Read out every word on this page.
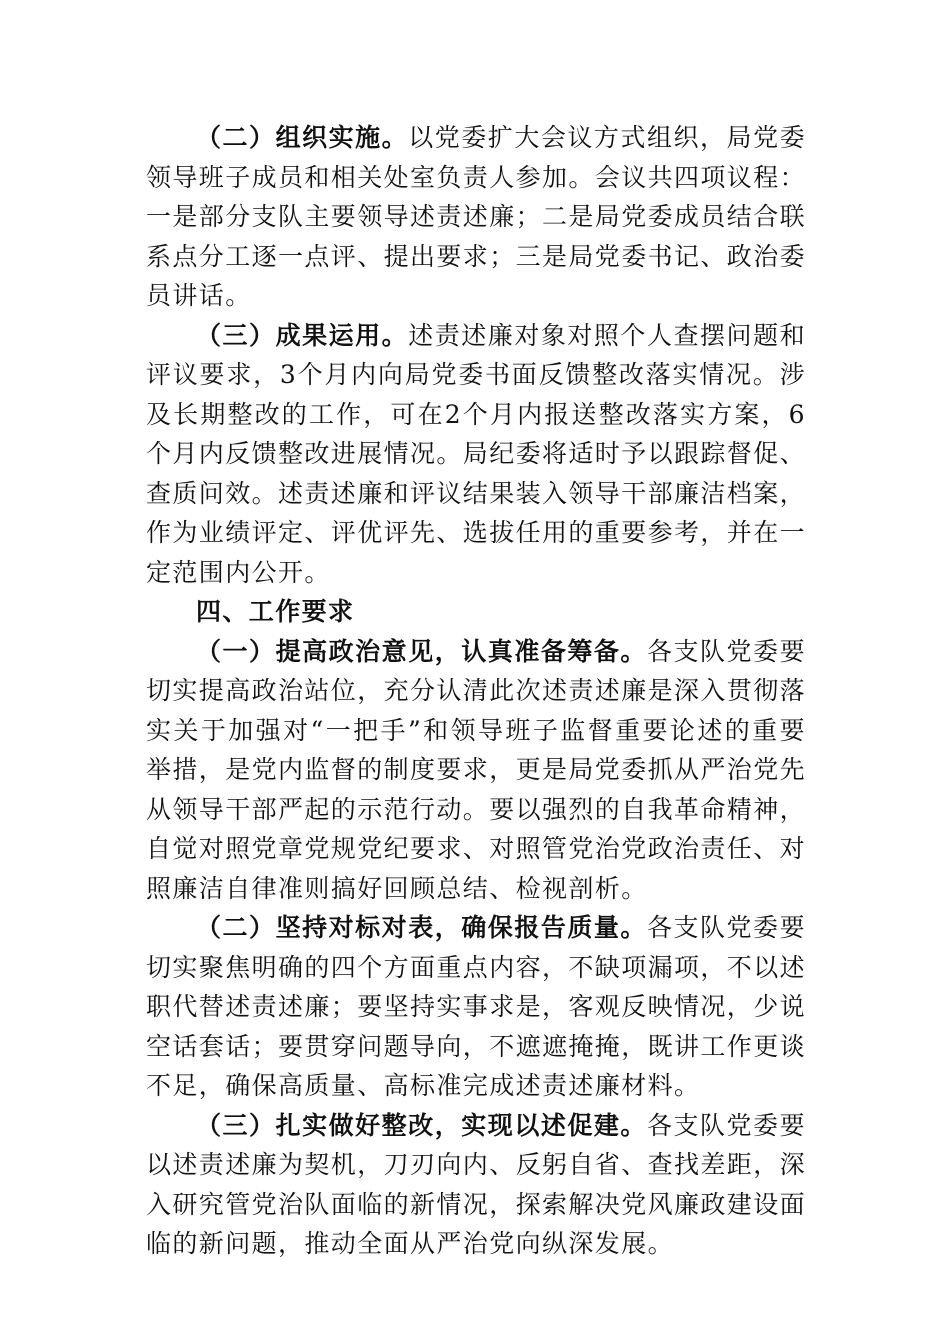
（二）组织实施。以党委扩大会议方式组织，局党委领导班子成员和相关处室负责人参加。会议共四项议程：一是部分支队主要领导述责述廉；二是局党委成员结合联系点分工逐一点评、提出要求；三是局党委书记、政治委员讲话。

（三）成果运用。述责述廉对象对照个人查摆问题和评议要求，3个月内向局党委书面反馈整改落实情况。涉及长期整改的工作，可在2个月内报送整改落实方案，6个月内反馈整改进展情况。局纪委将适时予以跟踪督促、查质问效。述责述廉和评议结果装入领导干部廉洁档案，作为业绩评定、评优评先、选拔任用的重要参考，并在一定范围内公开。

四、工作要求

（一）提高政治意见，认真准备筹备。各支队党委要切实提高政治站位，充分认清此次述责述廉是深入贯彻落实关于加强对“一把手”和领导班子监督重要论述的重要举措，是党内监督的制度要求，更是局党委抓从严治党先从领导干部严起的示范行动。要以强烈的自我革命精神，自觉对照党章党规党纪要求、对照管党治党政治责任、对照廉洁自律准则搞好回顾总结、检视剖析。

（二）坚持对标对表，确保报告质量。各支队党委要切实聚焦明确的四个方面重点内容，不缺项漏项，不以述职代替述责述廉；要坚持实事求是，客观反映情况，少说空话套话；要贯穿问题导向，不遮遮掩掩，既讲工作更谈不足，确保高质量、高标准完成述责述廉材料。

（三）扎实做好整改，实现以述促建。各支队党委要以述责述廉为契机，刀刃向内、反躬自省、查找差距，深入研究管党治队面临的新情况，探索解决党风廉政建设面临的新问题，推动全面从严治党向纵深发展。
